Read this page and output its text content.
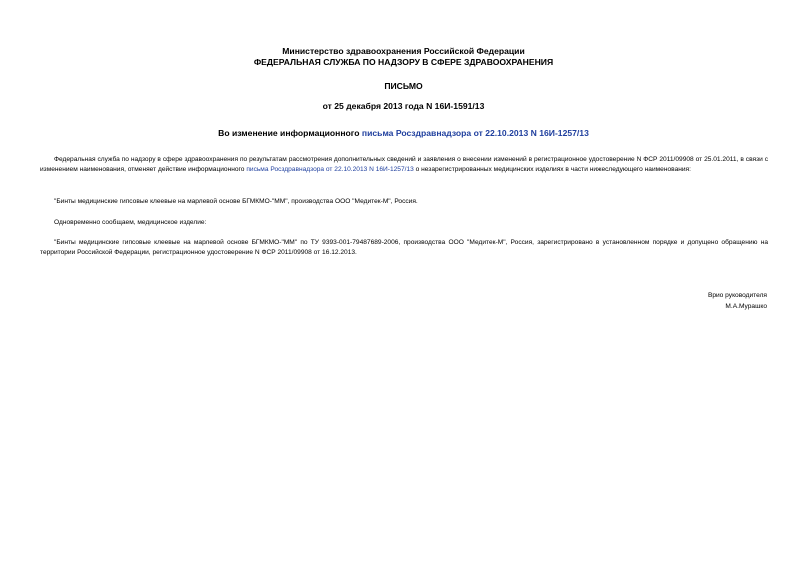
Министерство здравоохранения Российской Федерации
ФЕДЕРАЛЬНАЯ СЛУЖБА ПО НАДЗОРУ В СФЕРЕ ЗДРАВООХРАНЕНИЯ
ПИСЬМО
от 25 декабря 2013 года N 16И-1591/13
Во изменение информационного письма Росздравнадзора от 22.10.2013 N 16И-1257/13

Федеральная служба по надзору в сфере здравоохранения по результатам рассмотрения дополнительных сведений и заявления о внесении изменений в регистрационное удостоверение N ФСР 2011/09908 от 25.01.2011, в связи с изменением наименования, отменяет действие информационного письма Росздравнадзора от 22.10.2013 N 16И-1257/13 о незарегистрированных медицинских изделиях в части нижеследующего наименования:

"Бинты медицинские гипсовые клеевые на марлевой основе БГМКМО-"ММ", производства ООО "Медитек-М", Россия.

Одновременно сообщаем, медицинское изделие:

"Бинты медицинские гипсовые клеевые на марлевой основе БГМКМО-"ММ" по ТУ 9393-001-79487689-2006, производства ООО "Медитек-М", Россия, зарегистрировано в установленном порядке и допущено обращению на территории Российской Федерации, регистрационное удостоверение N ФСР 2011/09908 от 16.12.2013.

Врио руководителя
М.А.Мурашко
